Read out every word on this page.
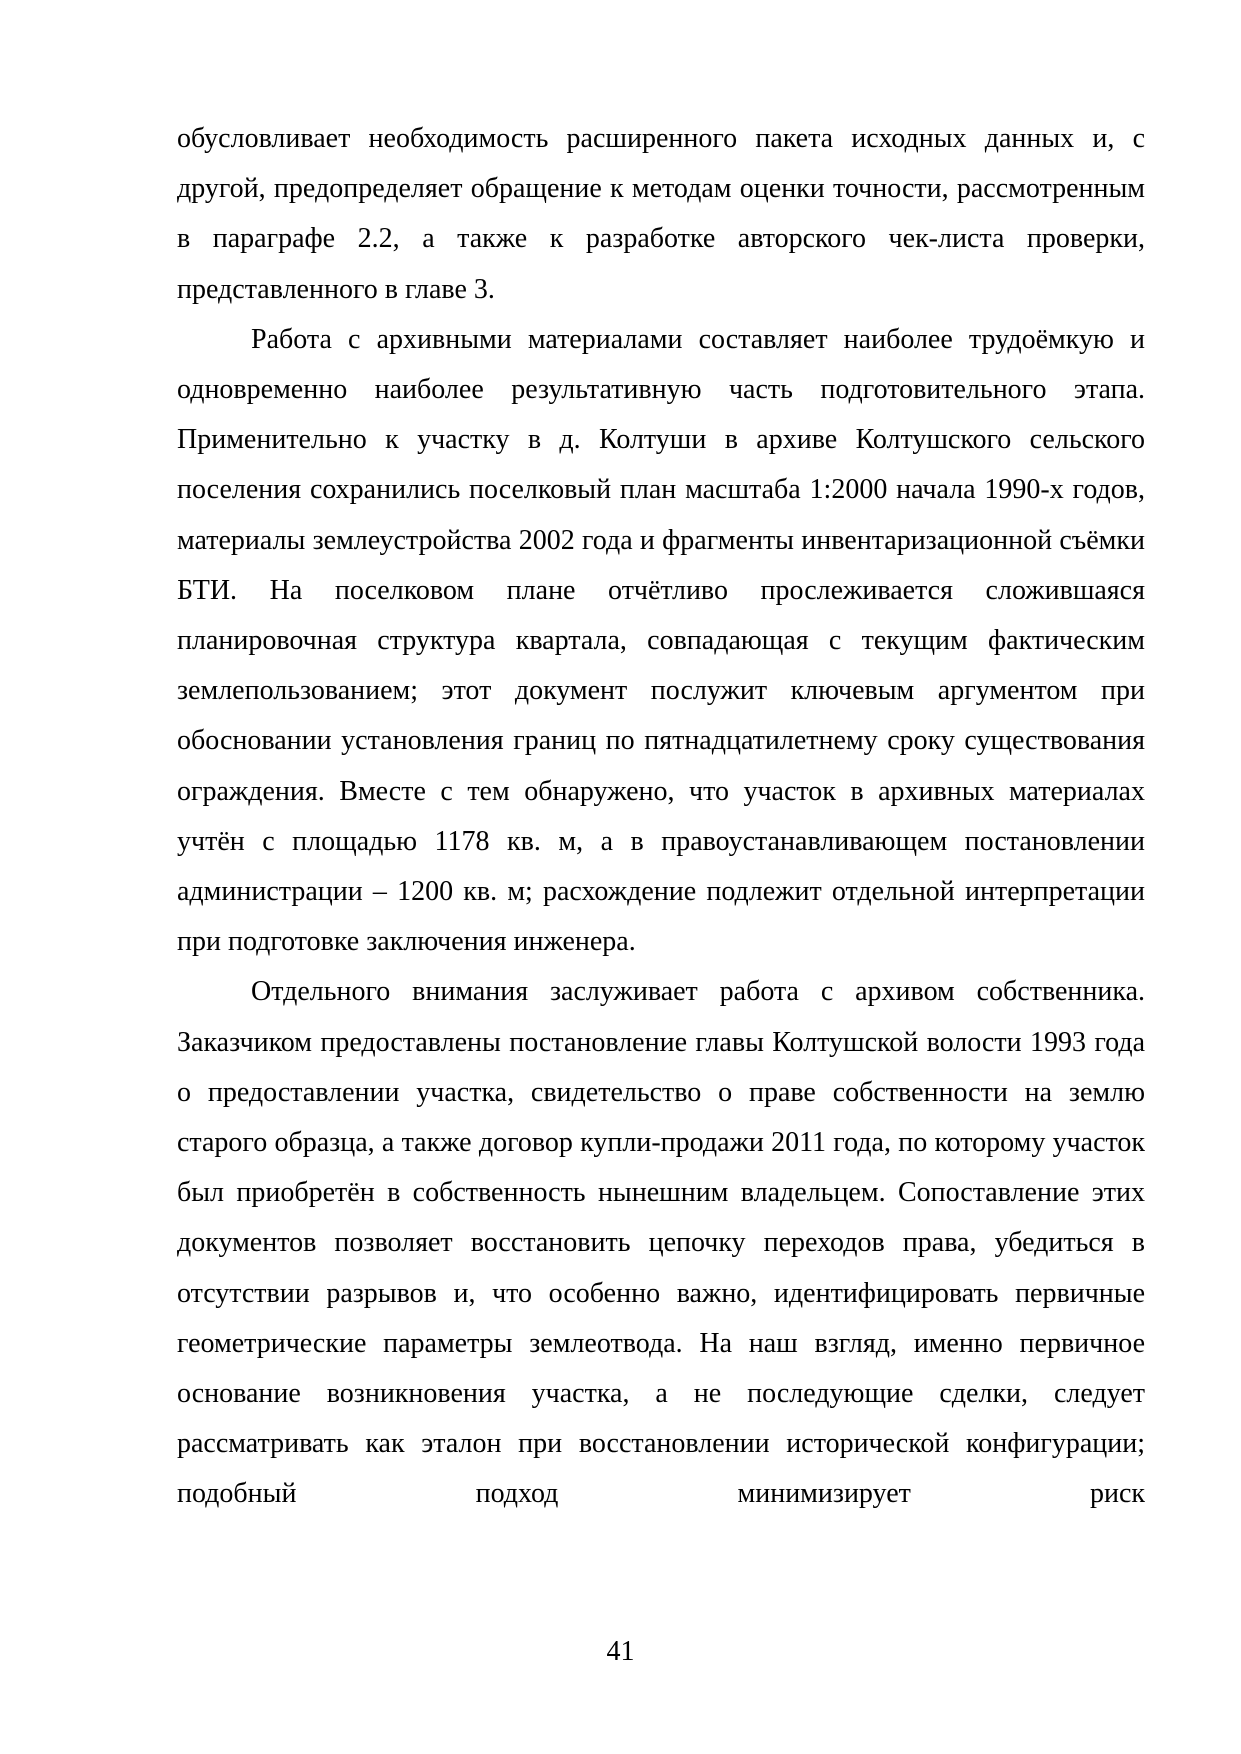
обусловливает необходимость расширенного пакета исходных данных и, с другой, предопределяет обращение к методам оценки точности, рассмотренным в параграфе 2.2, а также к разработке авторского чек-листа проверки, представленного в главе 3.

Работа с архивными материалами составляет наиболее трудоёмкую и одновременно наиболее результативную часть подготовительного этапа. Применительно к участку в д. Колтуши в архиве Колтушского сельского поселения сохранились поселковый план масштаба 1:2000 начала 1990-х годов, материалы землеустройства 2002 года и фрагменты инвентаризационной съёмки БТИ. На поселковом плане отчётливо прослеживается сложившаяся планировочная структура квартала, совпадающая с текущим фактическим землепользованием; этот документ послужит ключевым аргументом при обосновании установления границ по пятнадцатилетнему сроку существования ограждения. Вместе с тем обнаружено, что участок в архивных материалах учтён с площадью 1178 кв. м, а в правоустанавливающем постановлении администрации – 1200 кв. м; расхождение подлежит отдельной интерпретации при подготовке заключения инженера.

Отдельного внимания заслуживает работа с архивом собственника. Заказчиком предоставлены постановление главы Колтушской волости 1993 года о предоставлении участка, свидетельство о праве собственности на землю старого образца, а также договор купли-продажи 2011 года, по которому участок был приобретён в собственность нынешним владельцем. Сопоставление этих документов позволяет восстановить цепочку переходов права, убедиться в отсутствии разрывов и, что особенно важно, идентифицировать первичные геометрические параметры землеотвода. На наш взгляд, именно первичное основание возникновения участка, а не последующие сделки, следует рассматривать как эталон при восстановлении исторической конфигурации; подобный подход минимизирует риск

41
